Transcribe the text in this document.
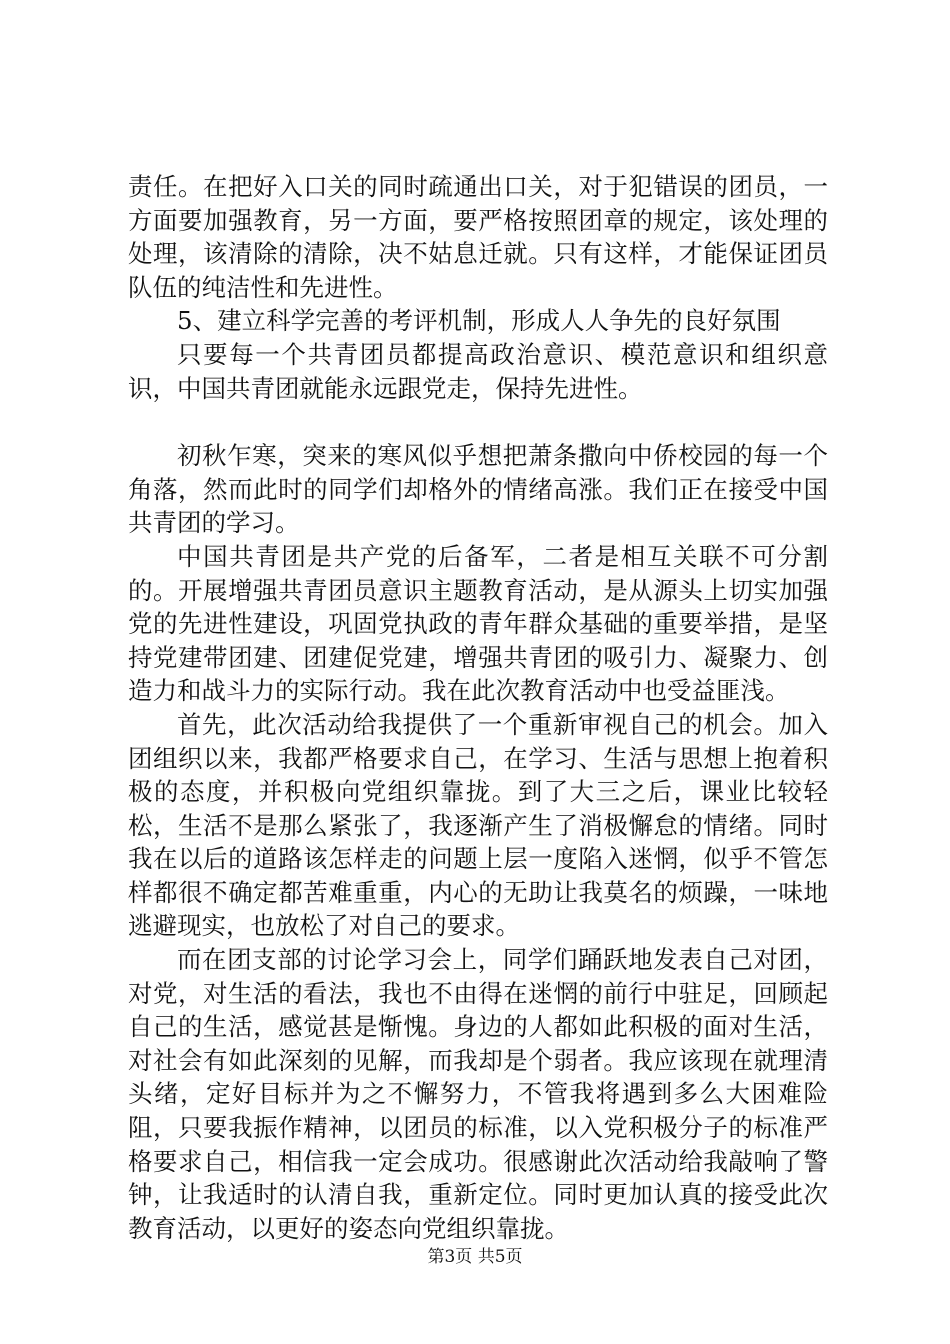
责任。在把好入口关的同时疏通出口关，对于犯错误的团员，一方面要加强教育，另一方面，要严格按照团章的规定，该处理的处理，该清除的清除，决不姑息迁就。只有这样，才能保证团员队伍的纯洁性和先进性。

5、建立科学完善的考评机制，形成人人争先的良好氛围

只要每一个共青团员都提高政治意识、模范意识和组织意识，中国共青团就能永远跟党走，保持先进性。

初秋乍寒，突来的寒风似乎想把萧条撒向中侨校园的每一个角落，然而此时的同学们却格外的情绪高涨。我们正在接受中国共青团的学习。

中国共青团是共产党的后备军，二者是相互关联不可分割的。开展增强共青团员意识主题教育活动，是从源头上切实加强党的先进性建设，巩固党执政的青年群众基础的重要举措，是坚持党建带团建、团建促党建，增强共青团的吸引力、凝聚力、创造力和战斗力的实际行动。我在此次教育活动中也受益匪浅。

首先，此次活动给我提供了一个重新审视自己的机会。加入团组织以来，我都严格要求自己，在学习、生活与思想上抱着积极的态度，并积极向党组织靠拢。到了大三之后，课业比较轻松，生活不是那么紧张了，我逐渐产生了消极懈怠的情绪。同时我在以后的道路该怎样走的问题上层一度陷入迷惘，似乎不管怎样都很不确定都苦难重重，内心的无助让我莫名的烦躁，一味地逃避现实，也放松了对自己的要求。

而在团支部的讨论学习会上，同学们踊跃地发表自己对团，对党，对生活的看法，我也不由得在迷惘的前行中驻足，回顾起自己的生活，感觉甚是惭愧。身边的人都如此积极的面对生活，对社会有如此深刻的见解，而我却是个弱者。我应该现在就理清头绪，定好目标并为之不懈努力，不管我将遇到多么大困难险阻，只要我振作精神，以团员的标准，以入党积极分子的标准严格要求自己，相信我一定会成功。很感谢此次活动给我敲响了警钟，让我适时的认清自我，重新定位。同时更加认真的接受此次教育活动，以更好的姿态向党组织靠拢。

第3页 共5页
